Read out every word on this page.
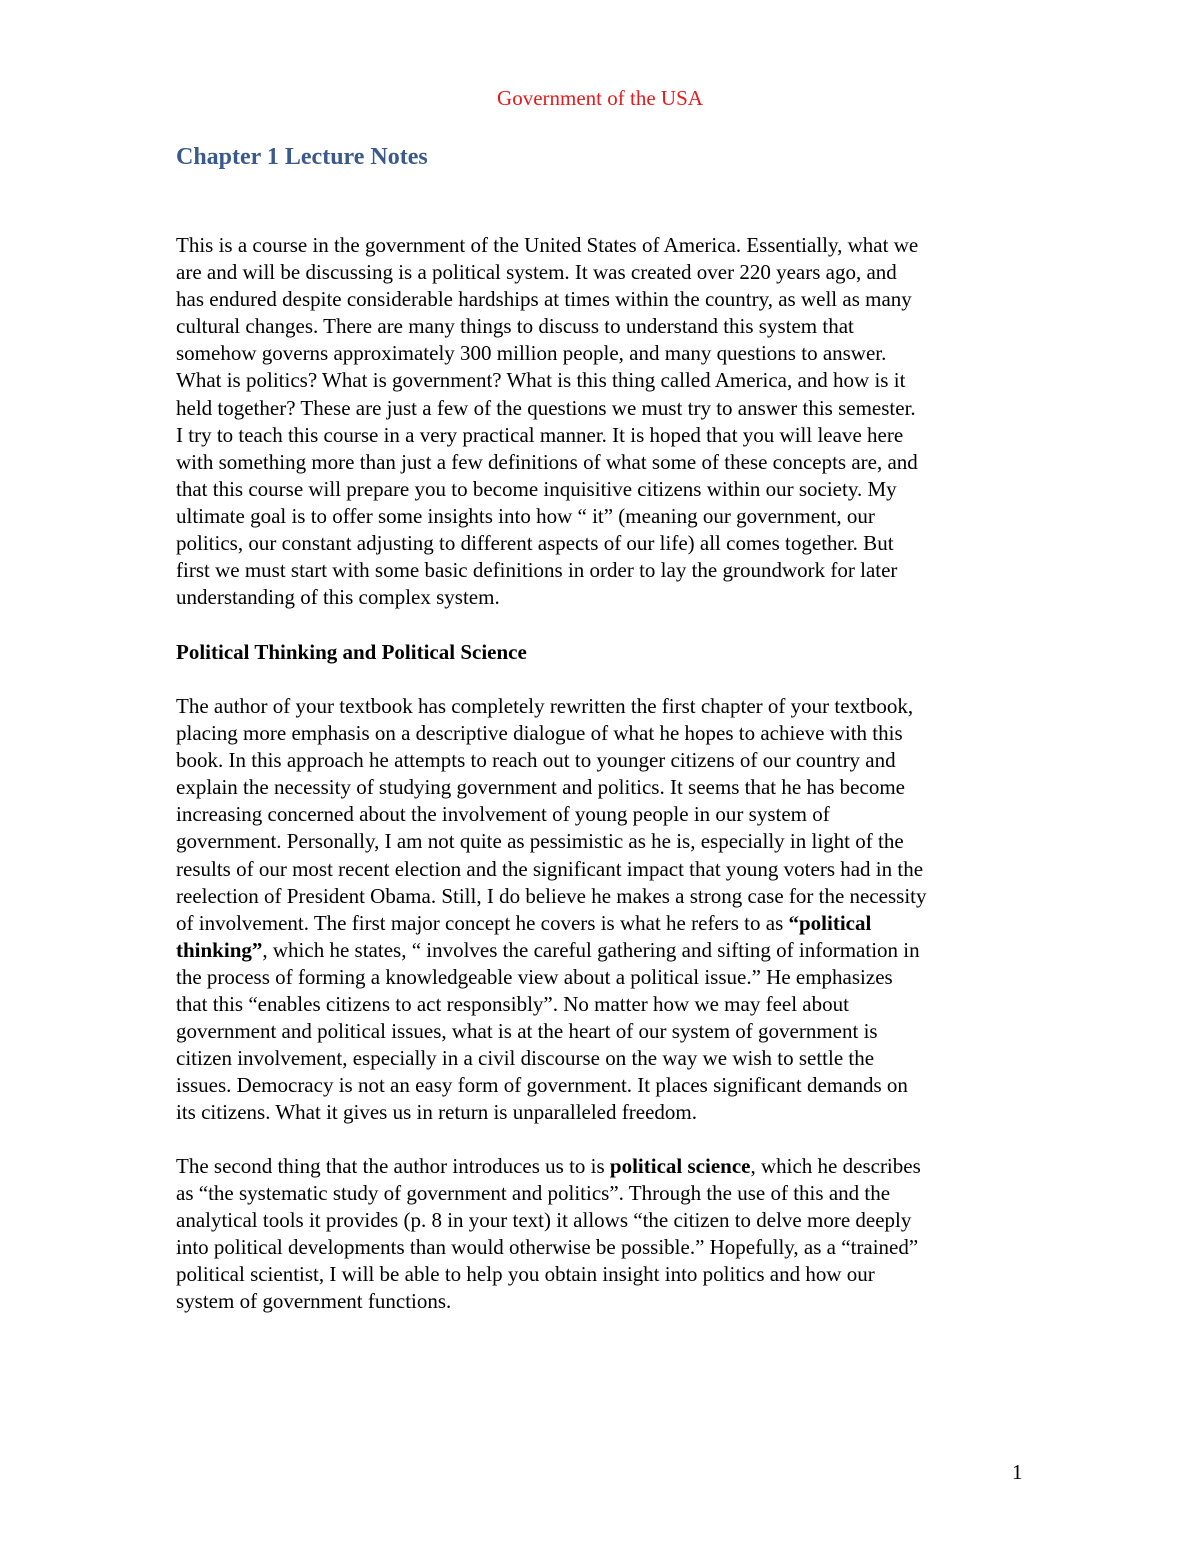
Government of the USA
Chapter 1 Lecture Notes
This is a course in the government of the United States of America. Essentially, what we
are and will be discussing is a political system. It was created over 220 years ago, and
has endured despite considerable hardships at times within the country, as well as many
cultural changes. There are many things to discuss to understand this system that
somehow governs approximately 300 million people, and many questions to answer.
What is politics? What is government? What is this thing called America, and how is it
held together? These are just a few of the questions we must try to answer this semester.
I try to teach this course in a very practical manner. It is hoped that you will leave here
with something more than just a few definitions of what some of these concepts are, and
that this course will prepare you to become inquisitive citizens within our society. My
ultimate goal is to offer some insights into how “ it” (meaning our government, our
politics, our constant adjusting to different aspects of our life) all comes together. But
first we must start with some basic definitions in order to lay the groundwork for later
understanding of this complex system.
Political Thinking and Political Science
The author of your textbook has completely rewritten the first chapter of your textbook,
placing more emphasis on a descriptive dialogue of what he hopes to achieve with this
book. In this approach he attempts to reach out to younger citizens of our country and
explain the necessity of studying government and politics. It seems that he has become
increasing concerned about the involvement of young people in our system of
government. Personally, I am not quite as pessimistic as he is, especially in light of the
results of our most recent election and the significant impact that young voters had in the
reelection of President Obama. Still, I do believe he makes a strong case for the necessity
of involvement. The first major concept he covers is what he refers to as “political
thinking”, which he states, “ involves the careful gathering and sifting of information in
the process of forming a knowledgeable view about a political issue.” He emphasizes
that this “enables citizens to act responsibly”. No matter how we may feel about
government and political issues, what is at the heart of our system of government is
citizen involvement, especially in a civil discourse on the way we wish to settle the
issues. Democracy is not an easy form of government. It places significant demands on
its citizens. What it gives us in return is unparalleled freedom.
The second thing that the author introduces us to is political science, which he describes
as “the systematic study of government and politics”. Through the use of this and the
analytical tools it provides (p. 8 in your text) it allows “the citizen to delve more deeply
into political developments than would otherwise be possible.” Hopefully, as a “trained”
political scientist, I will be able to help you obtain insight into politics and how our
system of government functions.
1
